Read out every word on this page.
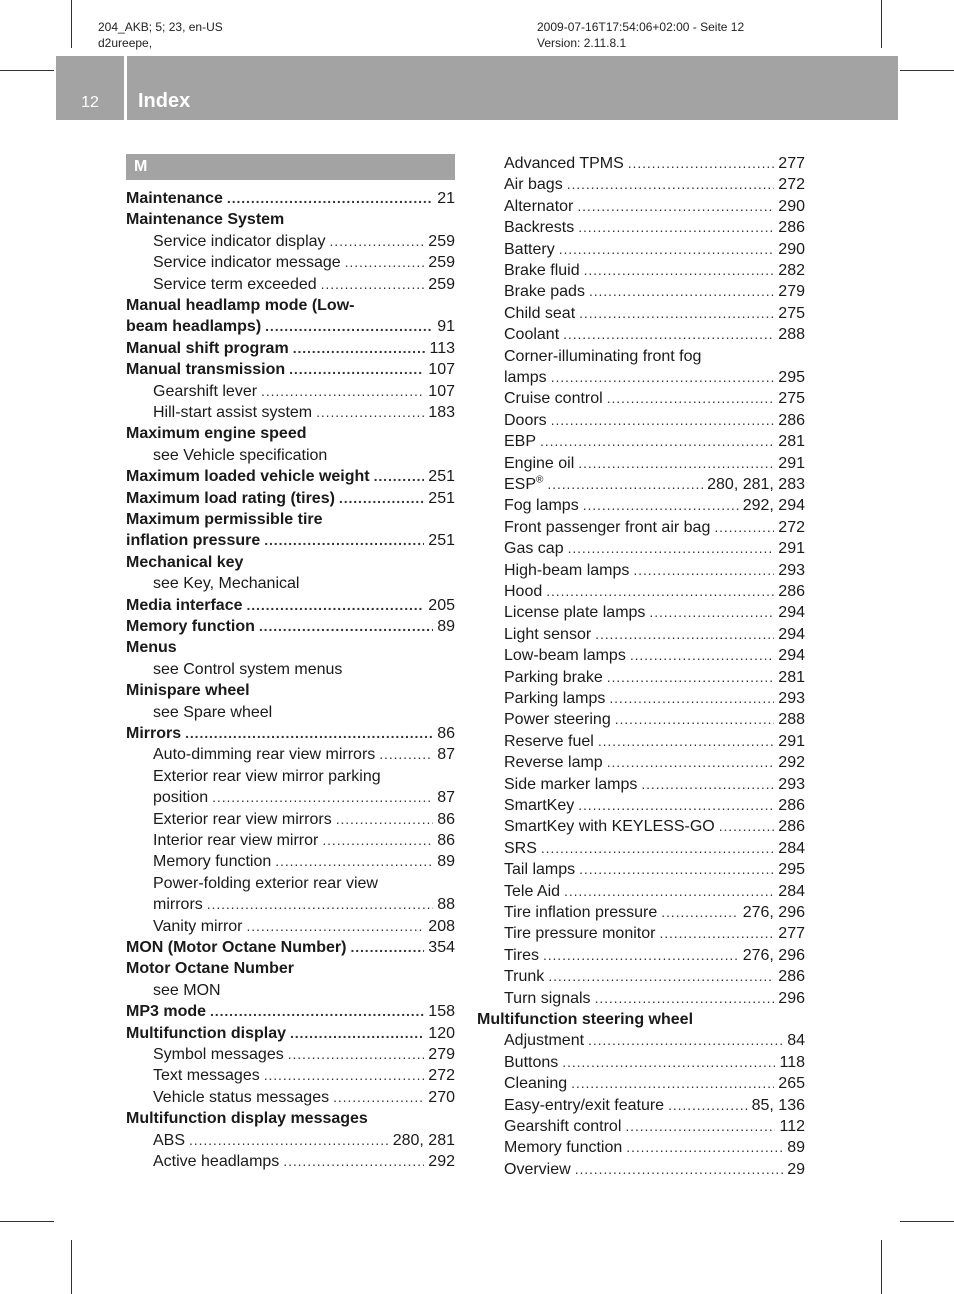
204_AKB; 5; 23, en-US
d2ureepe,
2009-07-16T17:54:06+02:00 - Seite 12
Version: 2.11.8.1
12	Index
M
Maintenance . . .	21
Maintenance System
Service indicator display . . .	259
Service indicator message . . .	259
Service term exceeded . . .	259
Manual headlamp mode (Low-
beam headlamps) . . .	91
Manual shift program . . .	113
Manual transmission . . .	107
Gearshift lever . . .	107
Hill-start assist system . . .	183
Maximum engine speed
see Vehicle specification
Maximum loaded vehicle weight . . .	251
Maximum load rating (tires) . . .	251
Maximum permissible tire
inflation pressure . . .	251
Mechanical key
see Key, Mechanical
Media interface . . .	205
Memory function . . .	89
Menus
see Control system menus
Minispare wheel
see Spare wheel
Mirrors . . .	86
Auto-dimming rear view mirrors . . .	87
Exterior rear view mirror parking
position . . .	87
Exterior rear view mirrors . . .	86
Interior rear view mirror . . .	86
Memory function . . .	89
Power-folding exterior rear view
mirrors . . .	88
Vanity mirror . . .	208
MON (Motor Octane Number) . . .	354
Motor Octane Number
see MON
MP3 mode . . .	158
Multifunction display . . .	120
Symbol messages . . .	279
Text messages . . .	272
Vehicle status messages . . .	270
Multifunction display messages
ABS . . .	280, 281
Active headlamps . . .	292
Advanced TPMS . . .	277
Air bags . . .	272
Alternator . . .	290
Backrests . . .	286
Battery . . .	290
Brake fluid . . .	282
Brake pads . . .	279
Child seat . . .	275
Coolant . . .	288
Corner-illuminating front fog
lamps . . .	295
Cruise control . . .	275
Doors . . .	286
EBP . . .	281
Engine oil . . .	291
ESP® . . .	280, 281, 283
Fog lamps . . .	292, 294
Front passenger front air bag . . .	272
Gas cap . . .	291
High-beam lamps . . .	293
Hood . . .	286
License plate lamps . . .	294
Light sensor . . .	294
Low-beam lamps . . .	294
Parking brake . . .	281
Parking lamps . . .	293
Power steering . . .	288
Reserve fuel . . .	291
Reverse lamp . . .	292
Side marker lamps . . .	293
SmartKey . . .	286
SmartKey with KEYLESS-GO . . .	286
SRS . . .	284
Tail lamps . . .	295
Tele Aid . . .	284
Tire inflation pressure . . .	276, 296
Tire pressure monitor . . .	277
Tires . . .	276, 296
Trunk . . .	286
Turn signals . . .	296
Multifunction steering wheel
Adjustment . . .	84
Buttons . . .	118
Cleaning . . .	265
Easy-entry/exit feature . . .	85, 136
Gearshift control . . .	112
Memory function . . .	89
Overview . . .	29
